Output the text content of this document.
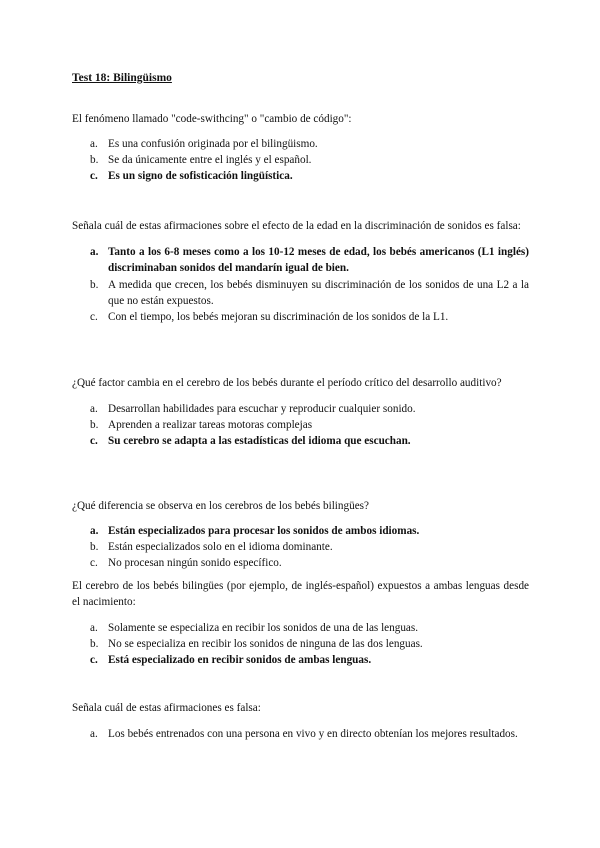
Test 18: Bilingüismo

El fenómeno llamado "code-swithcing" o "cambio de código":

a. Es una confusión originada por el bilingüismo.
b. Se da únicamente entre el inglés y el español.
c. Es un signo de sofisticación lingüística.

Señala cuál de estas afirmaciones sobre el efecto de la edad en la discriminación de sonidos es falsa:

a. Tanto a los 6-8 meses como a los 10-12 meses de edad, los bebés americanos (L1 inglés) discriminaban sonidos del mandarín igual de bien.
b. A medida que crecen, los bebés disminuyen su discriminación de los sonidos de una L2 a la que no están expuestos.
c. Con el tiempo, los bebés mejoran su discriminación de los sonidos de la L1.

¿Qué factor cambia en el cerebro de los bebés durante el período crítico del desarrollo auditivo?

a. Desarrollan habilidades para escuchar y reproducir cualquier sonido.
b. Aprenden a realizar tareas motoras complejas
c. Su cerebro se adapta a las estadísticas del idioma que escuchan.

¿Qué diferencia se observa en los cerebros de los bebés bilingües?

a. Están especializados para procesar los sonidos de ambos idiomas.
b. Están especializados solo en el idioma dominante.
c. No procesan ningún sonido específico.

El cerebro de los bebés bilingües (por ejemplo, de inglés-español) expuestos a ambas lenguas desde el nacimiento:

a. Solamente se especializa en recibir los sonidos de una de las lenguas.
b. No se especializa en recibir los sonidos de ninguna de las dos lenguas.
c. Está especializado en recibir sonidos de ambas lenguas.

Señala cuál de estas afirmaciones es falsa:

a. Los bebés entrenados con una persona en vivo y en directo obtenían los mejores resultados.
